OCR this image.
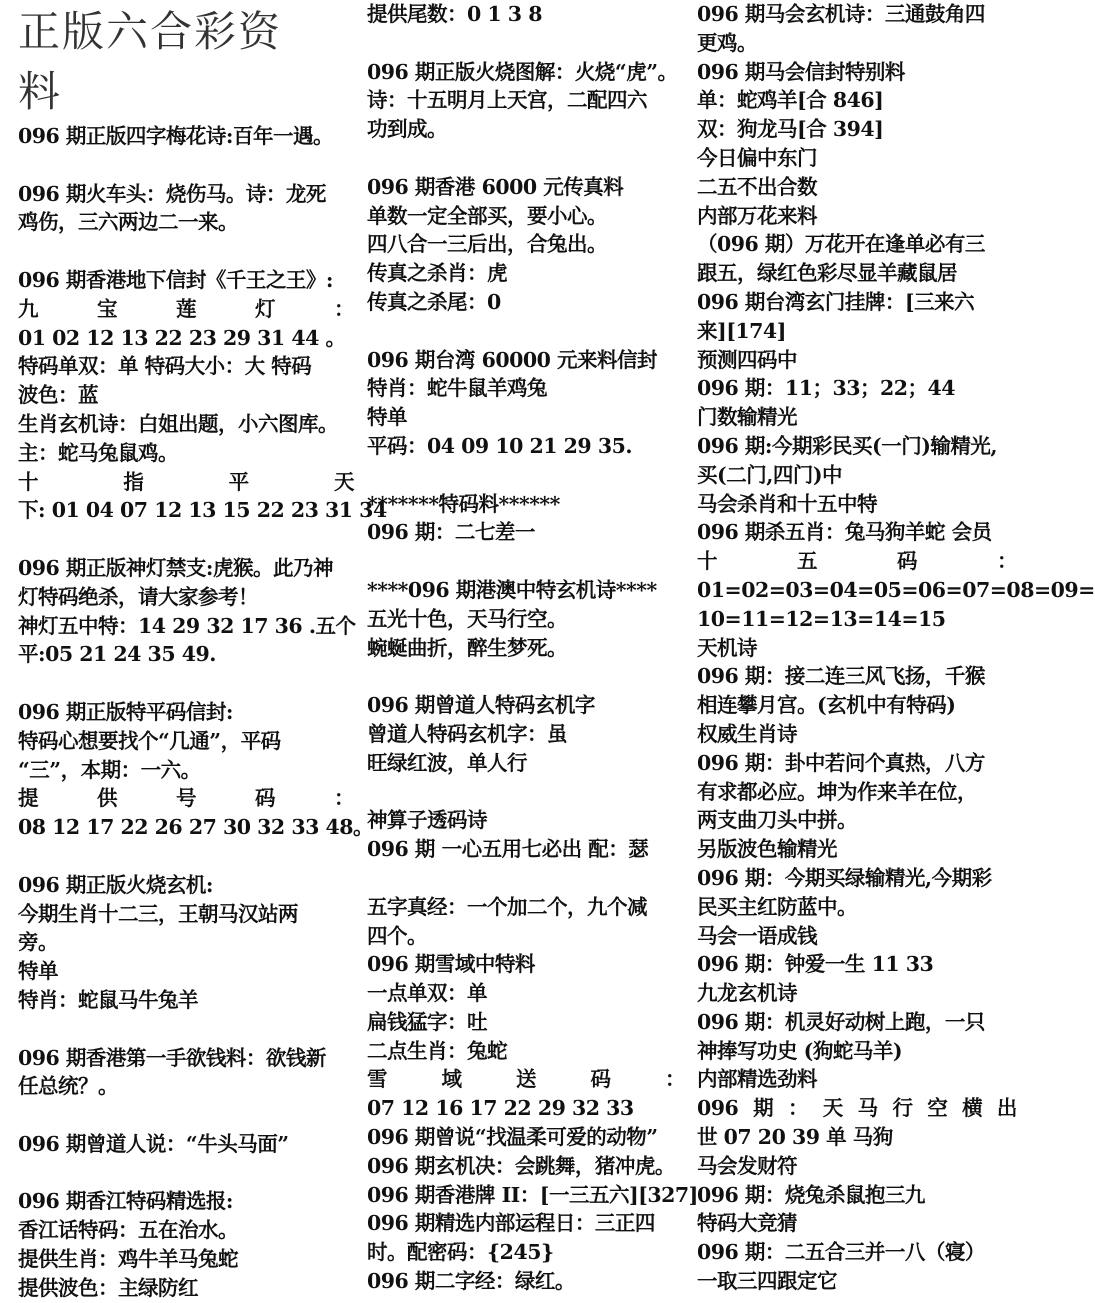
正版六合彩资
料
096 期正版四字梅花诗:百年一遇。
096 期火车头：烧伤马。诗：龙死
鸡伤，三六两边二一来。
096 期香港地下信封《千王之王》:
九	宝	莲	灯	：
01 02 12 13 22 23 29 31 44 。
特码单双：单 特码大小：大 特码
波色：蓝
生肖玄机诗：白姐出题，小六图库。
主：蛇马兔鼠鸡。
十	指	平	天
下: 01 04 07 12 13 15 22 23 31 34
096 期正版神灯禁支:虎猴。此乃神
灯特码绝杀，请大家参考！
神灯五中特：14 29 32 17 36 .五个
平:05 21 24 35 49.
096 期正版特平码信封:
特码心想要找个“几通”，平码
“三”，本期：一六。
提	供	号	码	：
08 12 17 22 26 27 30 32 33 48。
096 期正版火烧玄机:
今期生肖十二三，王朝马汉站两
旁。
特单
特肖：蛇鼠马牛兔羊
096 期香港第一手欲钱料：欲钱新
任总统？。
096 期曾道人说：“牛头马面”
096 期香江特码精选报:
香江话特码：五在治水。
提供生肖：鸡牛羊马兔蛇
提供波色：主绿防红
提供尾数：0 1 3 8
096 期正版火烧图解：火烧“虎”。
诗：十五明月上天宫，二配四六
功到成。
096 期香港 6000 元传真料
单数一定全部买，要小心。
四八合一三后出，合兔出。
传真之杀肖：虎
传真之杀尾：0
096 期台湾 60000 元来料信封
特肖：蛇牛鼠羊鸡兔
特单
平码：04 09 10 21 29 35.
*******特码料******
096 期：二七差一
****096 期港澳中特玄机诗****
五光十色，天马行空。
蜿蜒曲折，醉生梦死。
096 期曾道人特码玄机字
曾道人特码玄机字：虽
旺绿红波，单人行
神算子透码诗
096 期 一心五用七必出 配：瑟
五字真经：一个加二个，九个减
四个。
096 期雪域中特料
一点单双：单
扁钱猛字：吐
二点生肖：兔蛇
雪	域	送	码	：
07 12 16 17 22 29 32 33
096 期曾说“找温柔可爱的动物”
096 期玄机决：会跳舞，猪冲虎。
096 期香港牌 II：[一三五六][327]
096 期精选内部运程日：三正四
时。配密码：{245}
096 期二字经：绿红。
096 期马会玄机诗：三通鼓角四
更鸡。
096 期马会信封特别料
单：蛇鸡羊[合 846]
双：狗龙马[合 394]
今日偏中东门
二五不出合数
内部万花来料
（096 期）万花开在逢单必有三
跟五，绿红色彩尽显羊藏鼠居
096 期台湾玄门挂牌：[三来六
来][174]
预测四码中
096 期：11；33；22；44
门数输精光
096 期:今期彩民买(一门)输精光,
买(二门,四门)中
马会杀肖和十五中特
096 期杀五肖：兔马狗羊蛇 会员
十	五	码	：
01=02=03=04=05=06=07=08=09=
10=11=12=13=14=15
天机诗
096 期：接二连三风飞扬，千猴
相连攀月宫。(玄机中有特码)
权威生肖诗
096 期：卦中若问个真热，八方
有求都必应。坤为作来羊在位，
两支曲刀头中拼。
另版波色输精光
096 期：今期买绿输精光,今期彩
民买主红防蓝中。
马会一语成钱
096 期：钟爱一生 11 33
九龙玄机诗
096 期：机灵好动树上跑，一只
神捧写功史 (狗蛇马羊)
内部精选劲料
096 期 ： 天 马 行 空 横 出
世 07 20 39 单 马狗
马会发财符
096 期：烧兔杀鼠抱三九
特码大竞猜
096 期：二五合三并一八（寝）
一取三四跟定它
